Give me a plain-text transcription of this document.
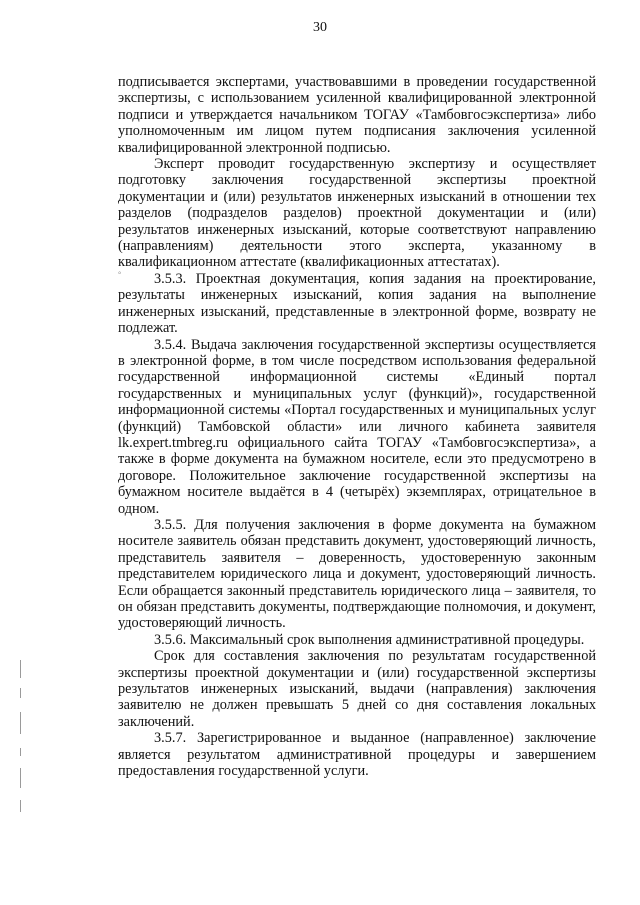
30
°

подписывается экспертами, участвовавшими в проведении государственной экспертизы, с использованием усиленной квалифицированной электронной подписи и утверждается начальником ТОГАУ «Тамбовгосэкспертиза» либо уполномоченным им лицом путем подписания заключения усиленной квалифицированной электронной подписью.

Эксперт проводит государственную экспертизу и осуществляет подготовку заключения государственной экспертизы проектной документации и (или) результатов инженерных изысканий в отношении тех разделов (подразделов разделов) проектной документации и (или) результатов инженерных изысканий, которые соответствуют направлению (направлениям) деятельности этого эксперта, указанному в квалификационном аттестате (квалификационных аттестатах).

3.5.3. Проектная документация, копия задания на проектирование, результаты инженерных изысканий, копия задания на выполнение инженерных изысканий, представленные в электронной форме, возврату не подлежат.

3.5.4. Выдача заключения государственной экспертизы осуществляется в электронной форме, в том числе посредством использования федеральной государственной информационной системы «Единый портал государственных и муниципальных услуг (функций)», государственной информационной системы «Портал государственных и муниципальных услуг (функций) Тамбовской области» или личного кабинета заявителя lk.expert.tmbreg.ru официального сайта ТОГАУ «Тамбовгосэкспертиза», а также в форме документа на бумажном носителе, если это предусмотрено в договоре. Положительное заключение государственной экспертизы на бумажном носителе выдаётся в 4 (четырёх) экземплярах, отрицательное в одном.

3.5.5. Для получения заключения в форме документа на бумажном носителе заявитель обязан представить документ, удостоверяющий личность, представитель заявителя – доверенность, удостоверенную законным представителем юридического лица и документ, удостоверяющий личность. Если обращается законный представитель юридического лица – заявителя, то он обязан представить документы, подтверждающие полномочия, и документ, удостоверяющий личность.

3.5.6. Максимальный срок выполнения административной процедуры.

Срок для составления заключения по результатам государственной экспертизы проектной документации и (или) государственной экспертизы результатов инженерных изысканий, выдачи (направления) заключения заявителю не должен превышать 5 дней со дня составления локальных заключений.

3.5.7. Зарегистрированное и выданное (направленное) заключение является результатом административной процедуры и завершением предоставления государственной услуги.
